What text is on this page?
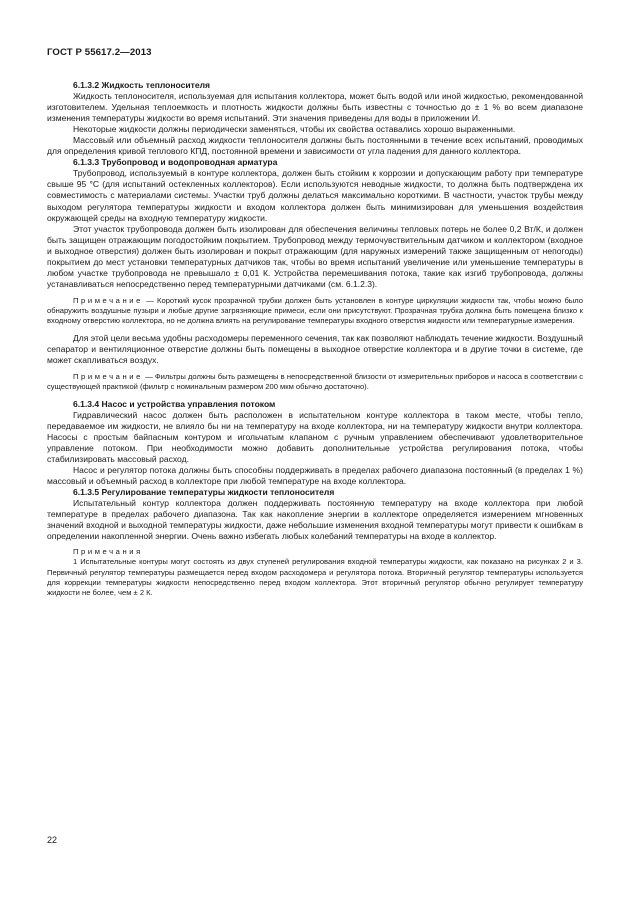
ГОСТ Р 55617.2—2013
6.1.3.2 Жидкость теплоносителя

Жидкость теплоносителя, используемая для испытания коллектора, может быть водой или иной жидкостью, рекомендованной изготовителем. Удельная теплоемкость и плотность жидкости должны быть известны с точностью до ± 1 % во всем диапазоне изменения температуры жидкости во время испытаний. Эти значения приведены для воды в приложении И.

Некоторые жидкости должны периодически заменяться, чтобы их свойства оставались хорошо выраженными.

Массовый или объемный расход жидкости теплоносителя должны быть постоянными в течение всех испытаний, проводимых для определения кривой теплового КПД, постоянной времени и зависимости от угла падения для данного коллектора.

6.1.3.3 Трубопровод и водопроводная арматура

Трубопровод, используемый в контуре коллектора, должен быть стойким к коррозии и допускающим работу при температуре свыше 95 °С (для испытаний остекленных коллекторов). Если используются неводные жидкости, то должна быть подтверждена их совместимость с материалами системы. Участки труб должны делаться максимально короткими. В частности, участок трубы между выходом регулятора температуры жидкости и входом коллектора должен быть минимизирован для уменьшения воздействия окружающей среды на входную температуру жидкости.

Этот участок трубопровода должен быть изолирован для обеспечения величины тепловых потерь не более 0,2 Вт/К, и должен быть защищен отражающим погодостойким покрытием. Трубопровод между термочувствительным датчиком и коллектором (входное и выходное отверстия) должен быть изолирован и покрыт отражающим (для наружных измерений также защищенным от непогоды) покрытием до мест установки температурных датчиков так, чтобы во время испытаний увеличение или уменьшение температуры в любом участке трубопровода не превышало ± 0,01 К. Устройства перемешивания потока, такие как изгиб трубопровода, должны устанавливаться непосредственно перед температурными датчиками (см. 6.1.2.3).

Примечание — Короткий кусок прозрачной трубки должен быть установлен в контуре циркуляции жидкости так, чтобы можно было обнаружить воздушные пузыри и любые другие загрязняющие примеси, если они присутствуют. Прозрачная трубка должна быть помещена близко к входному отверстию коллектора, но не должна влиять на регулирование температуры входного отверстия жидкости или температурные измерения.

Для этой цели весьма удобны расходомеры переменного сечения, так как позволяют наблюдать течение жидкости. Воздушный сепаратор и вентиляционное отверстие должны быть помещены в выходное отверстие коллектора и в другие точки в системе, где может скапливаться воздух.

Примечание — Фильтры должны быть размещены в непосредственной близости от измерительных приборов и насоса в соответствии с существующей практикой (фильтр с номинальным размером 200 мкм обычно достаточно).
6.1.3.4 Насос и устройства управления потоком

Гидравлический насос должен быть расположен в испытательном контуре коллектора в таком месте, чтобы тепло, передаваемое им жидкости, не влияло бы ни на температуру на входе коллектора, ни на температуру жидкости внутри коллектора. Насосы с простым байпасным контуром и игольчатым клапаном с ручным управлением обеспечивают удовлетворительное управление потоком. При необходимости можно добавить дополнительные устройства регулирования потока, чтобы стабилизировать массовый расход.

Насос и регулятор потока должны быть способны поддерживать в пределах рабочего диапазона постоянный (в пределах 1 %) массовый и объемный расход в коллекторе при любой температуре на входе коллектора.

6.1.3.5 Регулирование температуры жидкости теплоносителя

Испытательный контур коллектора должен поддерживать постоянную температуру на входе коллектора при любой температуре в пределах рабочего диапазона. Так как накопление энергии в коллекторе определяется измерением мгновенных значений входной и выходной температуры жидкости, даже небольшие изменения входной температуры могут привести к ошибкам в определении накопленной энергии. Очень важно избегать любых колебаний температуры на входе в коллектор.

Примечания
1 Испытательные контуры могут состоять из двух ступеней регулирования входной температуры жидкости, как показано на рисунках 2 и 3. Первичный регулятор температуры размещается перед входом расходомера и регулятора потока. Вторичный регулятор температуры используется для коррекции температуры жидкости непосредственно перед входом коллектора. Этот вторичный регулятор обычно регулирует температуру жидкости не более, чем ± 2 К.
22
